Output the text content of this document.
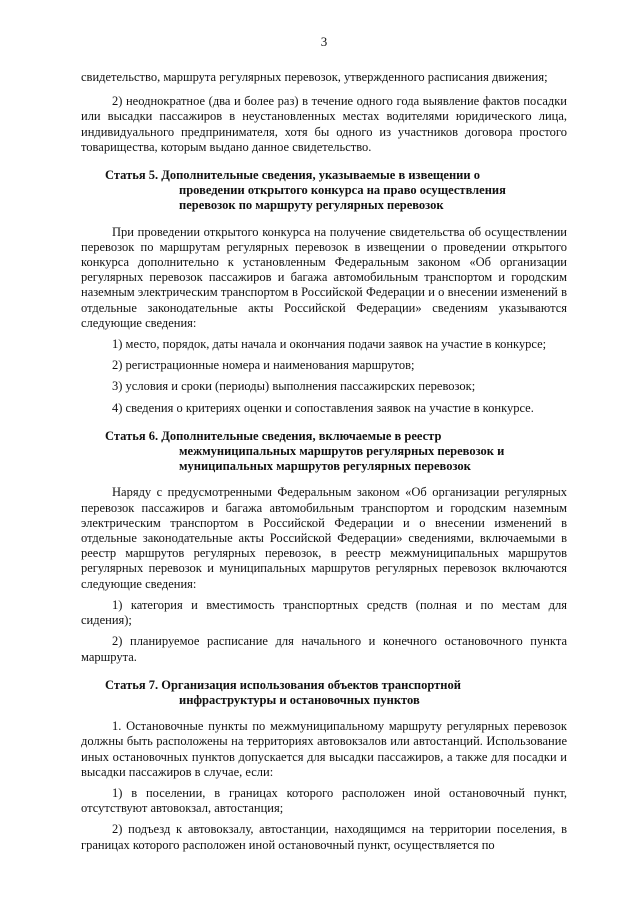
3

свидетельство, маршрута регулярных перевозок, утвержденного расписания движения;

2) неоднократное (два и более раз) в течение одного года выявление фактов посадки или высадки пассажиров в неустановленных местах водителями юридического лица, индивидуального предпринимателя, хотя бы одного из участников договора простого товарищества, которым выдано данное свидетельство.

Статья 5. Дополнительные сведения, указываемые в извещении о
проведении открытого конкурса на право осуществления
перевозок по маршруту регулярных перевозок

При проведении открытого конкурса на получение свидетельства об осуществлении перевозок по маршрутам регулярных перевозок в извещении о проведении открытого конкурса дополнительно к установленным Федеральным законом «Об организации регулярных перевозок пассажиров и багажа автомобильным транспортом и городским наземным электрическим транспортом в Российской Федерации и о внесении изменений в отдельные законодательные акты Российской Федерации» сведениям указываются следующие сведения:

1) место, порядок, даты начала и окончания подачи заявок на участие в конкурсе;

2) регистрационные номера и наименования маршрутов;

3) условия и сроки (периоды) выполнения пассажирских перевозок;

4) сведения о критериях оценки и сопоставления заявок на участие в конкурсе.

Статья 6. Дополнительные сведения, включаемые в реестр
межмуниципальных маршрутов регулярных перевозок и
муниципальных маршрутов регулярных перевозок

Наряду с предусмотренными Федеральным законом «Об организации регулярных перевозок пассажиров и багажа автомобильным транспортом и городским наземным электрическим транспортом в Российской Федерации и о внесении изменений в отдельные законодательные акты Российской Федерации» сведениями, включаемыми в реестр маршрутов регулярных перевозок, в реестр межмуниципальных маршрутов регулярных перевозок и муниципальных маршрутов регулярных перевозок включаются следующие сведения:

1) категория и вместимость транспортных средств (полная и по местам для сидения);

2) планируемое расписание для начального и конечного остановочного пункта маршрута.

Статья 7. Организация использования объектов транспортной
инфраструктуры и остановочных пунктов

1. Остановочные пункты по межмуниципальному маршруту регулярных перевозок должны быть расположены на территориях автовокзалов или автостанций. Использование иных остановочных пунктов допускается для высадки пассажиров, а также для посадки и высадки пассажиров в случае, если:

1) в поселении, в границах которого расположен иной остановочный пункт, отсутствуют автовокзал, автостанция;

2) подъезд к автовокзалу, автостанции, находящимся на территории поселения, в границах которого расположен иной остановочный пункт, осуществляется по
